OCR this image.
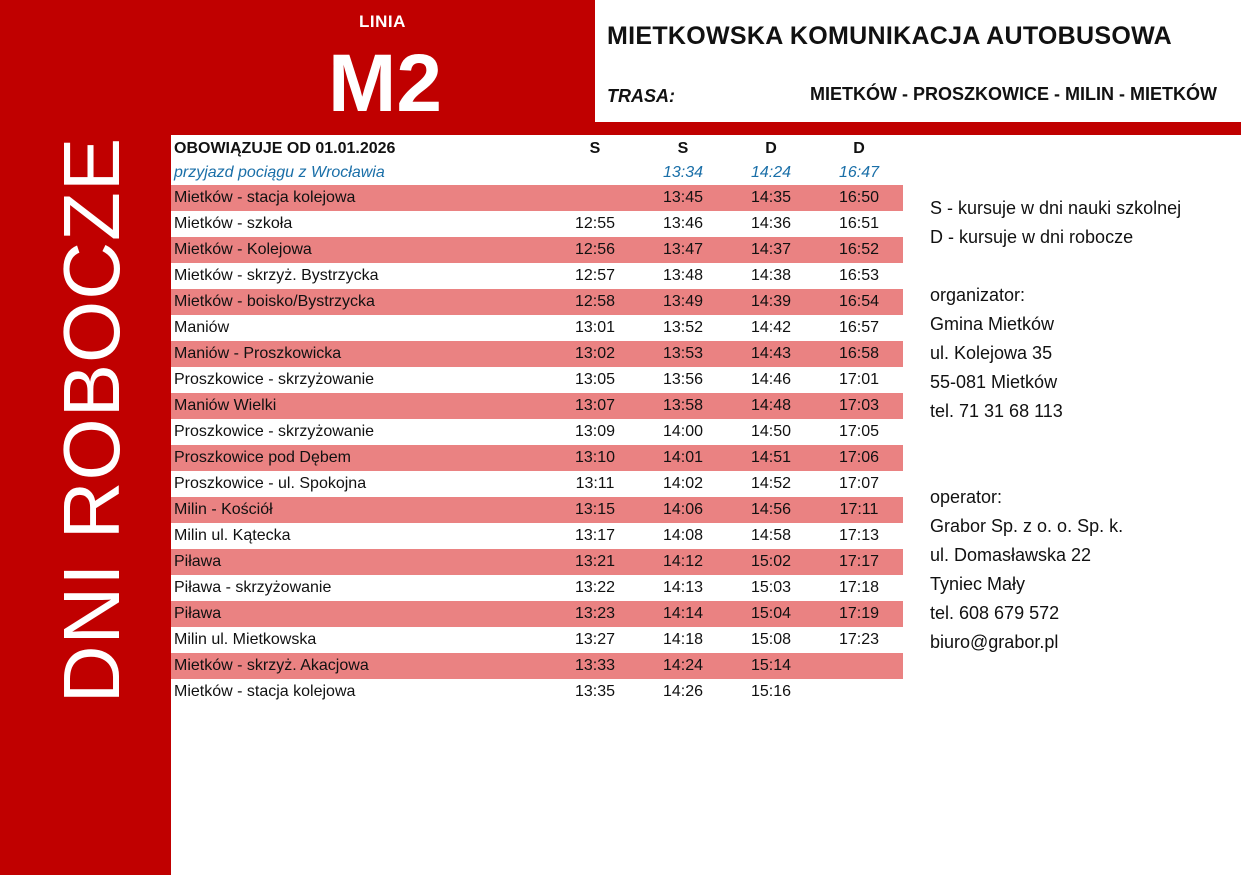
LINIA
M2
DNI ROBOCZE
MIETKOWSKA KOMUNIKACJA AUTOBUSOWA
TRASA:	MIETKÓW - PROSZKOWICE - MILIN - MIETKÓW
OBOWIĄZUJE OD 01.01.2026	S	S	D	D
przyjazd pociągu z Wrocławia		13:34	14:24	16:47
Mietków - stacja kolejowa		13:45	14:35	16:50
Mietków - szkoła	12:55	13:46	14:36	16:51
Mietków - Kolejowa	12:56	13:47	14:37	16:52
Mietków - skrzyż. Bystrzycka	12:57	13:48	14:38	16:53
Mietków - boisko/Bystrzycka	12:58	13:49	14:39	16:54
Maniów	13:01	13:52	14:42	16:57
Maniów - Proszkowicka	13:02	13:53	14:43	16:58
Proszkowice - skrzyżowanie	13:05	13:56	14:46	17:01
Maniów Wielki	13:07	13:58	14:48	17:03
Proszkowice - skrzyżowanie	13:09	14:00	14:50	17:05
Proszkowice pod Dębem	13:10	14:01	14:51	17:06
Proszkowice - ul. Spokojna	13:11	14:02	14:52	17:07
Milin - Kościół	13:15	14:06	14:56	17:11
Milin ul. Kątecka	13:17	14:08	14:58	17:13
Piława	13:21	14:12	15:02	17:17
Piława - skrzyżowanie	13:22	14:13	15:03	17:18
Piława	13:23	14:14	15:04	17:19
Milin ul. Mietkowska	13:27	14:18	15:08	17:23
Mietków - skrzyż. Akacjowa	13:33	14:24	15:14	
Mietków - stacja kolejowa	13:35	14:26	15:16	
S - kursuje w dni nauki szkolnej
D - kursuje w dni robocze
organizator:
Gmina Mietków
ul. Kolejowa 35
55-081 Mietków
tel. 71 31 68 113
operator:
Grabor Sp. z o. o. Sp. k.
ul. Domasławska 22
Tyniec Mały
tel. 608 679 572
biuro@grabor.pl
